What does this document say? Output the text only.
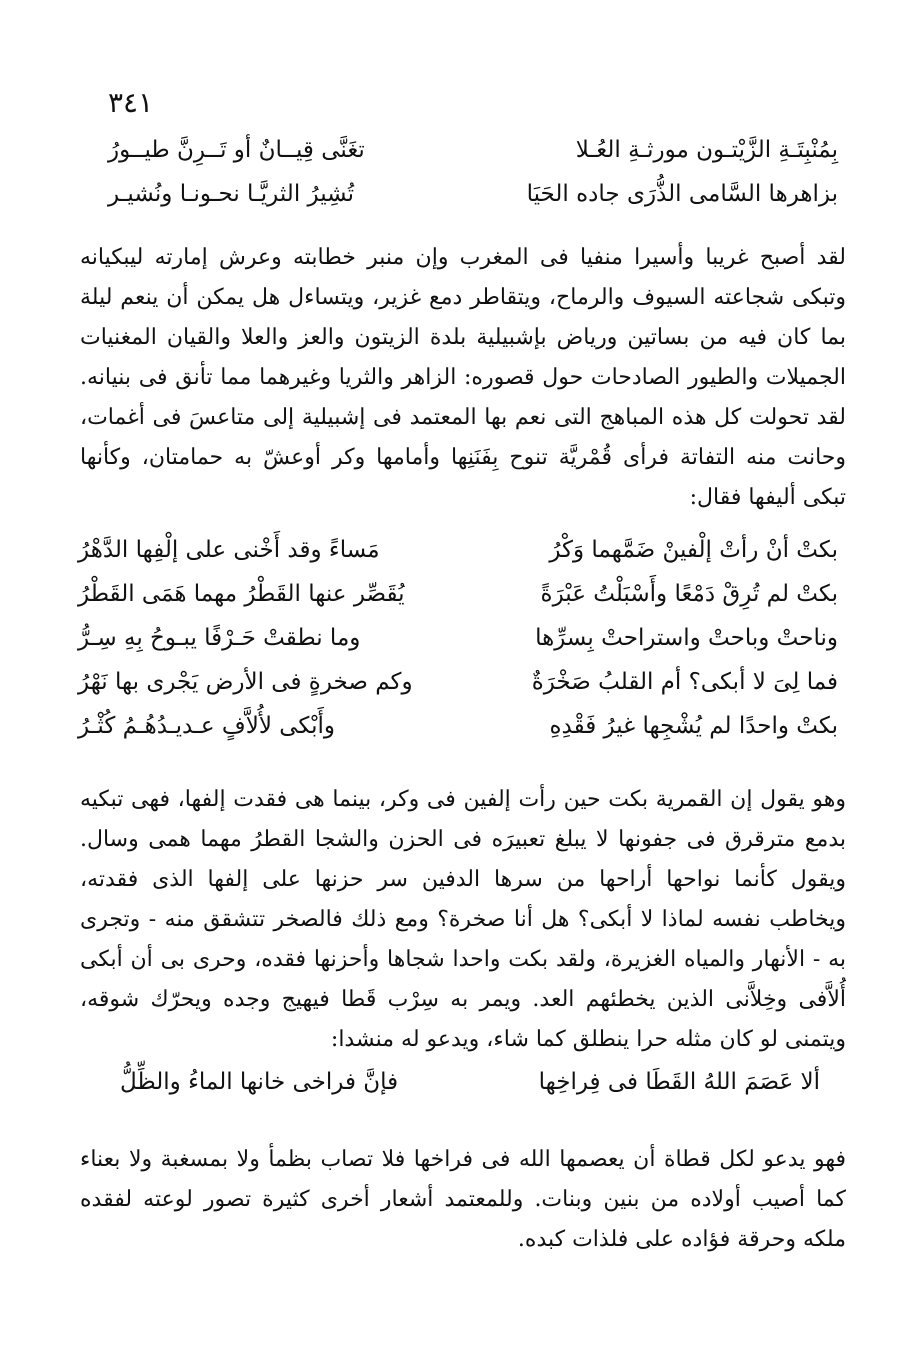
٣٤١
بِمُنْبِتَـةِ الزَّيْتـون مورثـةِ العُـلا
تغَنَّى قِيــانٌ أو تَــرِنَّ طيــورُ
بزاهرها السَّامى الذُّرَى جاده الحَيَا
تُشِيرُ الثريَّـا نحـونـا ونُشيـر

لقد أصبح غريبا وأسيرا منفيا فى المغرب وإن منبر خطابته وعرش إمارته ليبكيانه وتبكى شجاعته السيوف والرماح، ويتقاطر دمع غزير، ويتساءل هل يمكن أن ينعم ليلة بما كان فيه من بساتين ورياض بإشبيلية بلدة الزيتون والعز والعلا والقيان المغنيات الجميلات والطيور الصادحات حول قصوره: الزاهر والثريا وغيرهما مما تأنق فى بنيانه. لقد تحولت كل هذه المباهج التى نعم بها المعتمد فى إشبيلية إلى متاعسَ فى أغمات، وحانت منه التفاتة فرأى قُمْريَّة تنوح بِفَنَنِها وأمامها وكر أوعشّ به حمامتان، وكأنها تبكى أليفها فقال:

بكتْ أنْ رأتْ إلْفينْ ضَمَّهما وَكْرُ
مَساءً وقد أَخْنى على إلْفِها الدَّهْرُ
بكتْ لم تُرِقْ دَمْعًا وأَسْبَلْتُ عَبْرَةً
يُقَصِّر عنها القَطْرُ مهما هَمَى القَطْرُ
وناحتْ وباحتْ واستراحتْ بِسرِّها
وما نطقتْ حَـرْفًا يبـوحُ بِهِ سِـرُّ
فما لِىَ لا أبكى؟ أم القلبُ صَخْرَةٌ
وكم صخرةٍ فى الأرض يَجْرى بها نَهْرُ
بكتْ واحدًا لم يُشْجِها غيرُ فَقْدِهِ
وأَبْكى لأُلاَّفٍ عـديـدُهُـمُ كُثْـرُ

وهو يقول إن القمرية بكت حين رأت إلفين فى وكر، بينما هى فقدت إلفها، فهى تبكيه بدمع مترقرق فى جفونها لا يبلغ تعبيرَه فى الحزن والشجا القطرُ مهما همى وسال. ويقول كأنما نواحها أراحها من سرها الدفين سر حزنها على إلفها الذى فقدته، ويخاطب نفسه لماذا لا أبكى؟ هل أنا صخرة؟ ومع ذلك فالصخر تتشقق منه - وتجرى به - الأنهار والمياه الغزيرة، ولقد بكت واحدا شجاها وأحزنها فقده، وحرى بى أن أبكى أُلاَّفى وخِلاَّنى الذين يخطئهم العد. ويمر به سِرْب قَطا فيهيج وجده ويحرّك شوقه، ويتمنى لو كان مثله حرا ينطلق كما شاء، ويدعو له منشدا:

ألا عَصَمَ اللهُ القَطَا فى فِراخِها
فإنَّ فراخى خانها الماءُ والظِّلُّ

فهو يدعو لكل قطاة أن يعصمها الله فى فراخها فلا تصاب بظمأ ولا بمسغبة ولا بعناء كما أصيب أولاده من بنين وبنات. وللمعتمد أشعار أخرى كثيرة تصور لوعته لفقده ملكه وحرقة فؤاده على فلذات كبده.
